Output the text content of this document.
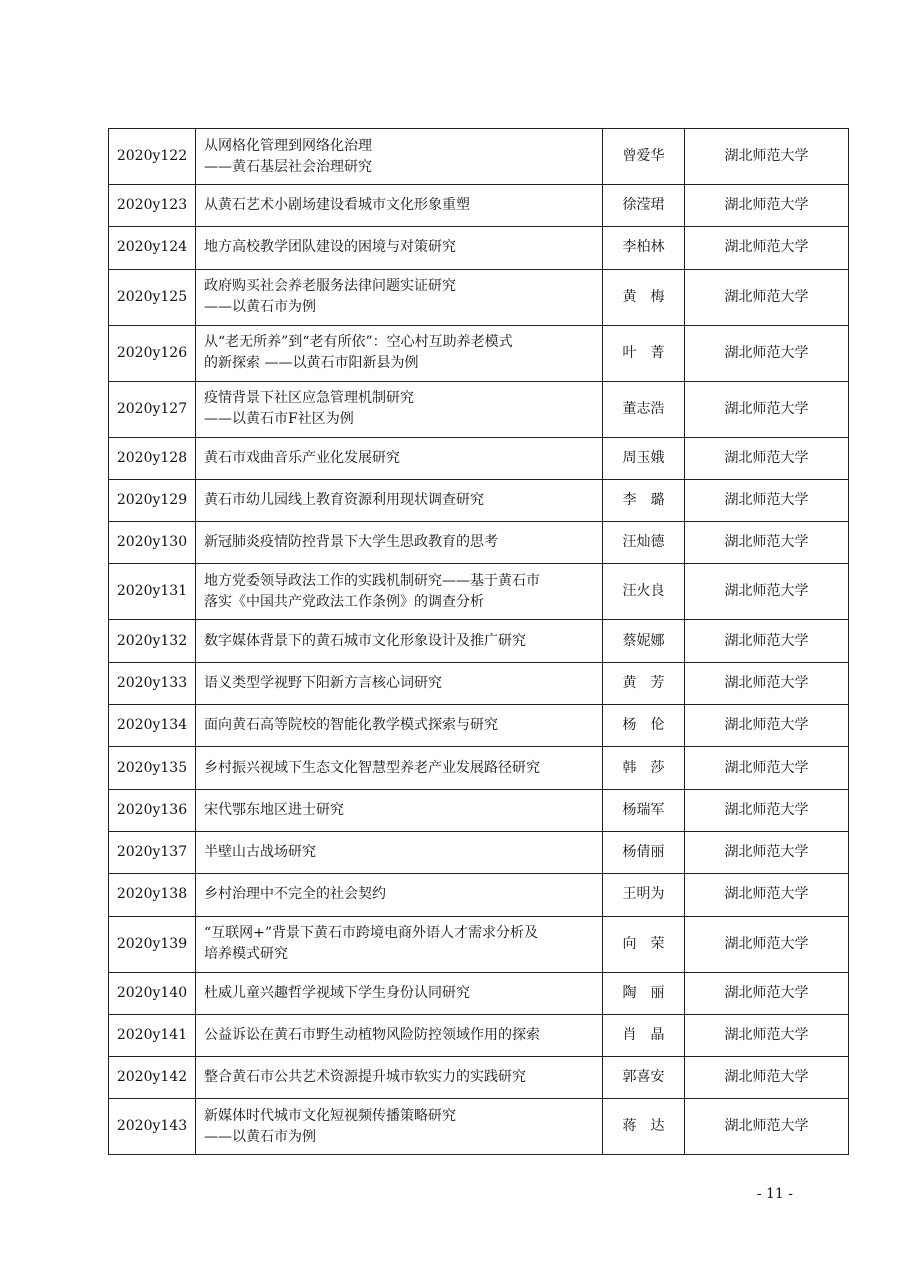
2020y122	从网格化管理到网络化治理
——黄石基层社会治理研究	曾爱华	湖北师范大学
2020y123	从黄石艺术小剧场建设看城市文化形象重塑	徐滢珺	湖北师范大学
2020y124	地方高校教学团队建设的困境与对策研究	李柏林	湖北师范大学
2020y125	政府购买社会养老服务法律问题实证研究
——以黄石市为例	黄　梅	湖北师范大学
2020y126	从“老无所养”到“老有所依”：空心村互助养老模式
的新探索 ——以黄石市阳新县为例	叶　菁	湖北师范大学
2020y127	疫情背景下社区应急管理机制研究
——以黄石市F社区为例	董志浩	湖北师范大学
2020y128	黄石市戏曲音乐产业化发展研究	周玉娥	湖北师范大学
2020y129	黄石市幼儿园线上教育资源利用现状调查研究	李　璐	湖北师范大学
2020y130	新冠肺炎疫情防控背景下大学生思政教育的思考	汪灿德	湖北师范大学
2020y131	地方党委领导政法工作的实践机制研究——基于黄石市
落实《中国共产党政法工作条例》的调查分析	汪火良	湖北师范大学
2020y132	数字媒体背景下的黄石城市文化形象设计及推广研究	蔡妮娜	湖北师范大学
2020y133	语义类型学视野下阳新方言核心词研究	黄　芳	湖北师范大学
2020y134	面向黄石高等院校的智能化教学模式探索与研究	杨　伦	湖北师范大学
2020y135	乡村振兴视域下生态文化智慧型养老产业发展路径研究	韩　莎	湖北师范大学
2020y136	宋代鄂东地区进士研究	杨瑞军	湖北师范大学
2020y137	半壁山古战场研究	杨倩丽	湖北师范大学
2020y138	乡村治理中不完全的社会契约	王明为	湖北师范大学
2020y139	“互联网+”背景下黄石市跨境电商外语人才需求分析及
培养模式研究	向　荣	湖北师范大学
2020y140	杜威儿童兴趣哲学视域下学生身份认同研究	陶　丽	湖北师范大学
2020y141	公益诉讼在黄石市野生动植物风险防控领域作用的探索	肖　晶	湖北师范大学
2020y142	整合黄石市公共艺术资源提升城市软实力的实践研究	郭喜安	湖北师范大学
2020y143	新媒体时代城市文化短视频传播策略研究
——以黄石市为例	蒋　达	湖北师范大学
- 11 -
